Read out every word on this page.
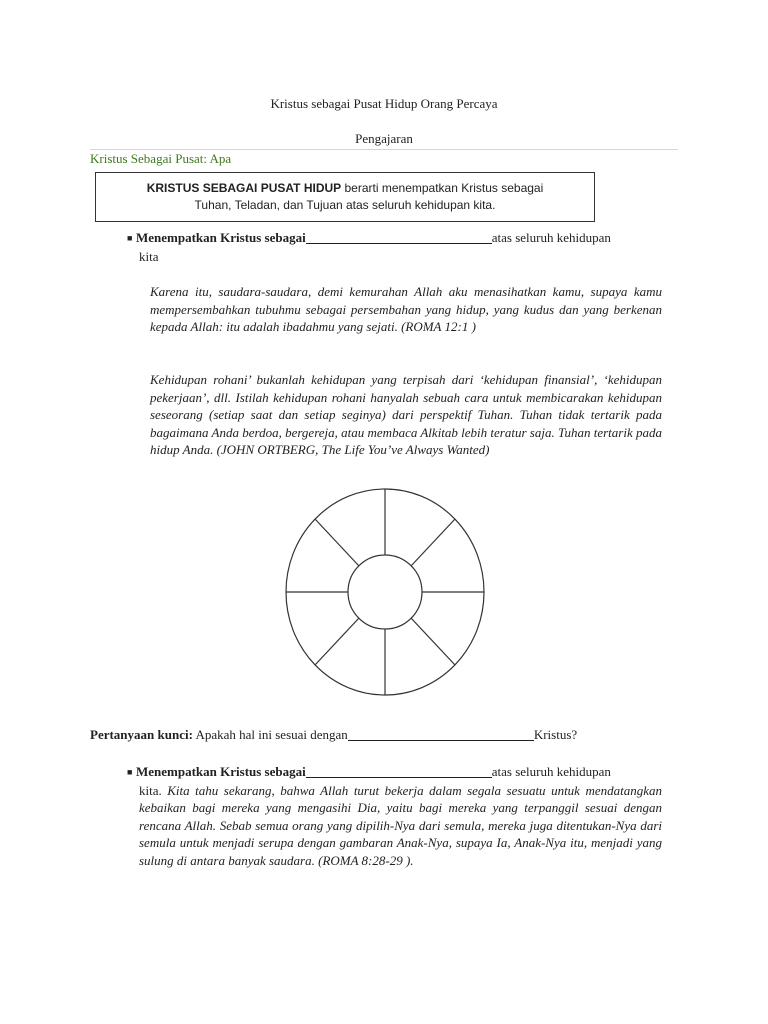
Kristus sebagai Pusat Hidup Orang Percaya
Pengajaran
Kristus Sebagai Pusat: Apa
KRISTUS SEBAGAI PUSAT HIDUP berarti menempatkan Kristus sebagai
Tuhan, Teladan, dan Tujuan atas seluruh kehidupan kita.
■ Menempatkan Kristus sebagai	atas seluruh kehidupan
kita
Karena itu, saudara-saudara, demi kemurahan Allah aku menasihatkan kamu, supaya kamu mempersembahkan tubuhmu sebagai persembahan yang hidup, yang kudus dan yang berkenan kepada Allah: itu adalah ibadahmu yang sejati. (ROMA 12:1 )
Kehidupan rohani’ bukanlah kehidupan yang terpisah dari ‘kehidupan finansial’, ‘kehidupan pekerjaan’, dll. Istilah kehidupan rohani hanyalah sebuah cara untuk membicarakan kehidupan seseorang (setiap saat dan setiap seginya) dari perspektif Tuhan. Tuhan tidak tertarik pada bagaimana Anda berdoa, bergereja, atau membaca Alkitab lebih teratur saja. Tuhan tertarik pada hidup Anda. (JOHN ORTBERG, The Life You’ve Always Wanted)
Pertanyaan kunci: Apakah hal ini sesuai dengan	Kristus?
■ Menempatkan Kristus sebagai	atas seluruh kehidupan
kita. Kita tahu sekarang, bahwa Allah turut bekerja dalam segala sesuatu untuk mendatangkan kebaikan bagi mereka yang mengasihi Dia, yaitu bagi mereka yang terpanggil sesuai dengan rencana Allah. Sebab semua orang yang dipilih-Nya dari semula, mereka juga ditentukan-Nya dari semula untuk menjadi serupa dengan gambaran Anak-Nya, supaya Ia, Anak-Nya itu, menjadi yang sulung di antara banyak saudara. (ROMA 8:28-29 ).
